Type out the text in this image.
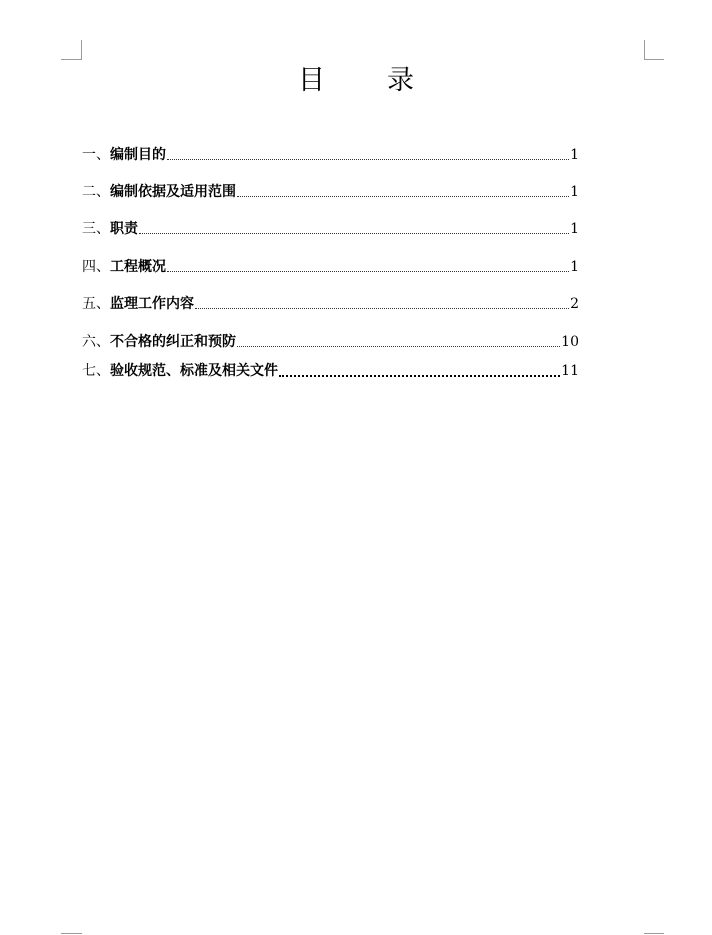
目 录
一、 编制目的	1
二、 编制依据及适用范围	1
三、 职责	1
四、 工程概况	1
五、 监理工作内容	2
六、 不合格的纠正和预防	10
七、 验收规范、标准及相关文件	11
